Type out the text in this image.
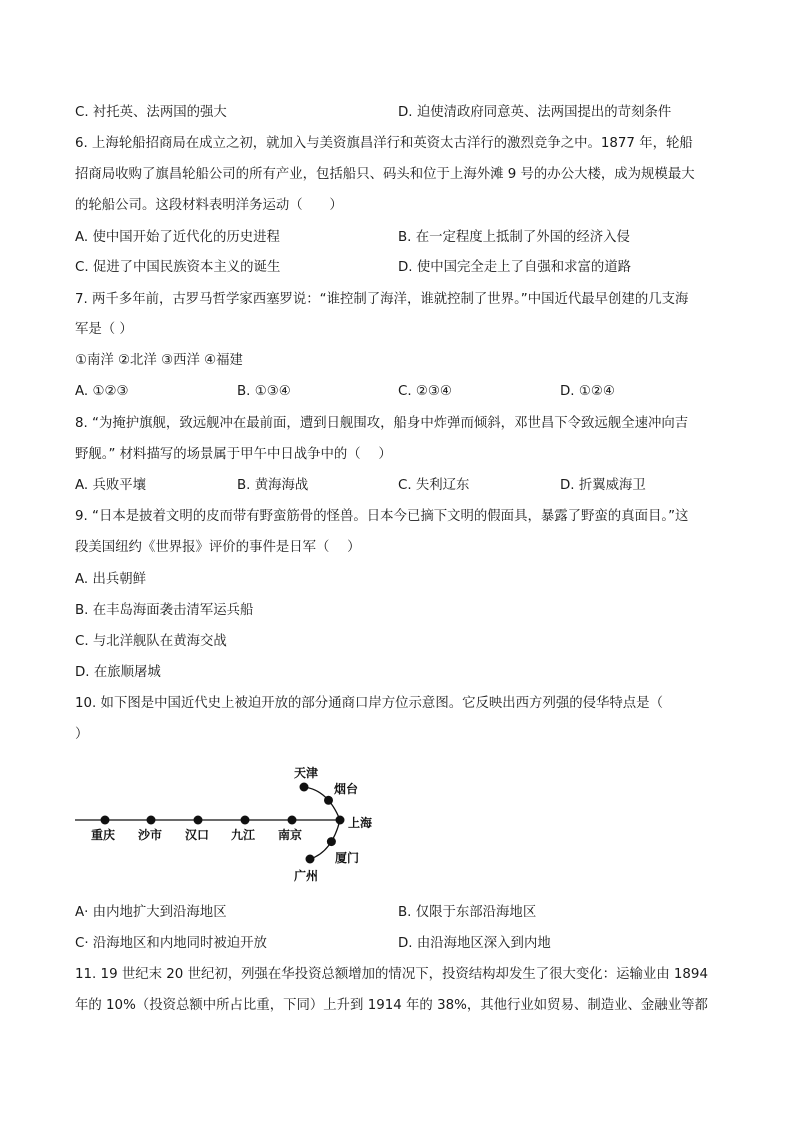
C. 衬托英、法两国的强大	D. 迫使清政府同意英、法两国提出的苛刻条件
6. 上海轮船招商局在成立之初，就加入与美资旗昌洋行和英资太古洋行的激烈竞争之中。1877 年，轮船
招商局收购了旗昌轮船公司的所有产业，包括船只、码头和位于上海外滩 9 号的办公大楼，成为规模最大
的轮船公司。这段材料表明洋务运动（　　）
A. 使中国开始了近代化的历史进程	B. 在一定程度上抵制了外国的经济入侵
C. 促进了中国民族资本主义的诞生	D. 使中国完全走上了自强和求富的道路
7. 两千多年前，古罗马哲学家西塞罗说：“谁控制了海洋，谁就控制了世界。”中国近代最早创建的几支海
军是（ ）
①南洋 ②北洋 ③西洋 ④福建
A. ①②③	B. ①③④	C. ②③④	D. ①②④
8. “为掩护旗舰，致远舰冲在最前面，遭到日舰围攻，船身中炸弹而倾斜，邓世昌下令致远舰全速冲向吉
野舰。” 材料描写的场景属于甲午中日战争中的（　 ）
A. 兵败平壤	B. 黄海海战	C. 失利辽东	D. 折翼威海卫
9. “日本是披着文明的皮而带有野蛮筋骨的怪兽。日本今已摘下文明的假面具，暴露了野蛮的真面目。”这
段美国纽约《世界报》评价的事件是日军（　 ）
A. 出兵朝鲜
B. 在丰岛海面袭击清军运兵船
C. 与北洋舰队在黄海交战
D. 在旅顺屠城
10. 如下图是中国近代史上被迫开放的部分通商口岸方位示意图。它反映出西方列强的侵华特点是（
）
重庆 沙市 汉口 九江 南京
上海
天津
烟台
厦门
广州
A· 由内地扩大到沿海地区	B. 仅限于东部沿海地区
C· 沿海地区和内地同时被迫开放	D. 由沿海地区深入到内地
11. 19 世纪末 20 世纪初，列强在华投资总额增加的情况下，投资结构却发生了很大变化：运输业由 1894
年的 10%（投资总额中所占比重，下同）上升到 1914 年的 38%，其他行业如贸易、制造业、金融业等都
